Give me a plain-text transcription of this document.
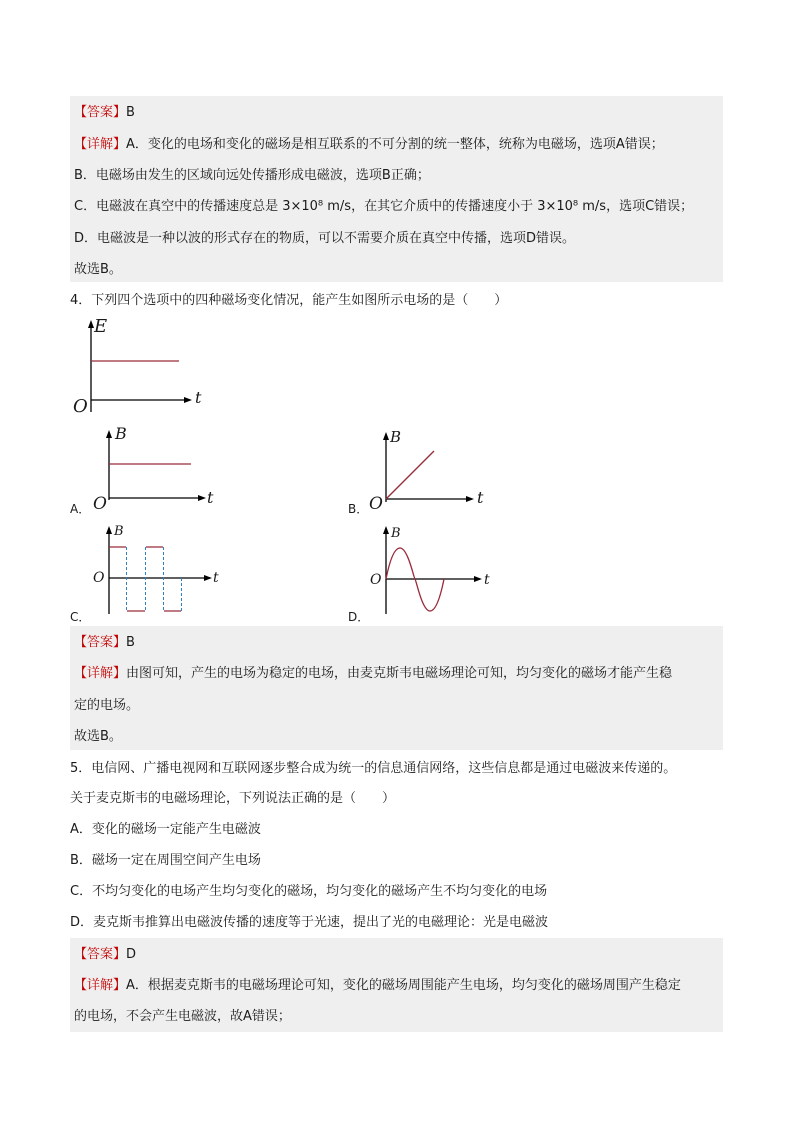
【答案】B
【详解】A．变化的电场和变化的磁场是相互联系的不可分割的统一整体，统称为电磁场，选项A错误；
B．电磁场由发生的区域向远处传播形成电磁波，选项B正确；
C．电磁波在真空中的传播速度总是 3×10⁸ m/s，在其它介质中的传播速度小于 3×10⁸ m/s，选项C错误；
D．电磁波是一种以波的形式存在的物质，可以不需要介质在真空中传播，选项D错误。
故选B。
4．下列四个选项中的四种磁场变化情况，能产生如图所示电场的是（　　）
E
t
O
A．
B
t
O	B．
B
t
O
C．
B
t
O
D．
B
t
O
【答案】B
【详解】由图可知，产生的电场为稳定的电场，由麦克斯韦电磁场理论可知，均匀变化的磁场才能产生稳
定的电场。
故选B。
5．电信网、广播电视网和互联网逐步整合成为统一的信息通信网络，这些信息都是通过电磁波来传递的。
关于麦克斯韦的电磁场理论，下列说法正确的是（　　）
A．变化的磁场一定能产生电磁波
B．磁场一定在周围空间产生电场
C．不均匀变化的电场产生均匀变化的磁场，均匀变化的磁场产生不均匀变化的电场
D．麦克斯韦推算出电磁波传播的速度等于光速，提出了光的电磁理论：光是电磁波
【答案】D
【详解】A．根据麦克斯韦的电磁场理论可知，变化的磁场周围能产生电场，均匀变化的磁场周围产生稳定
的电场，不会产生电磁波，故A错误；
